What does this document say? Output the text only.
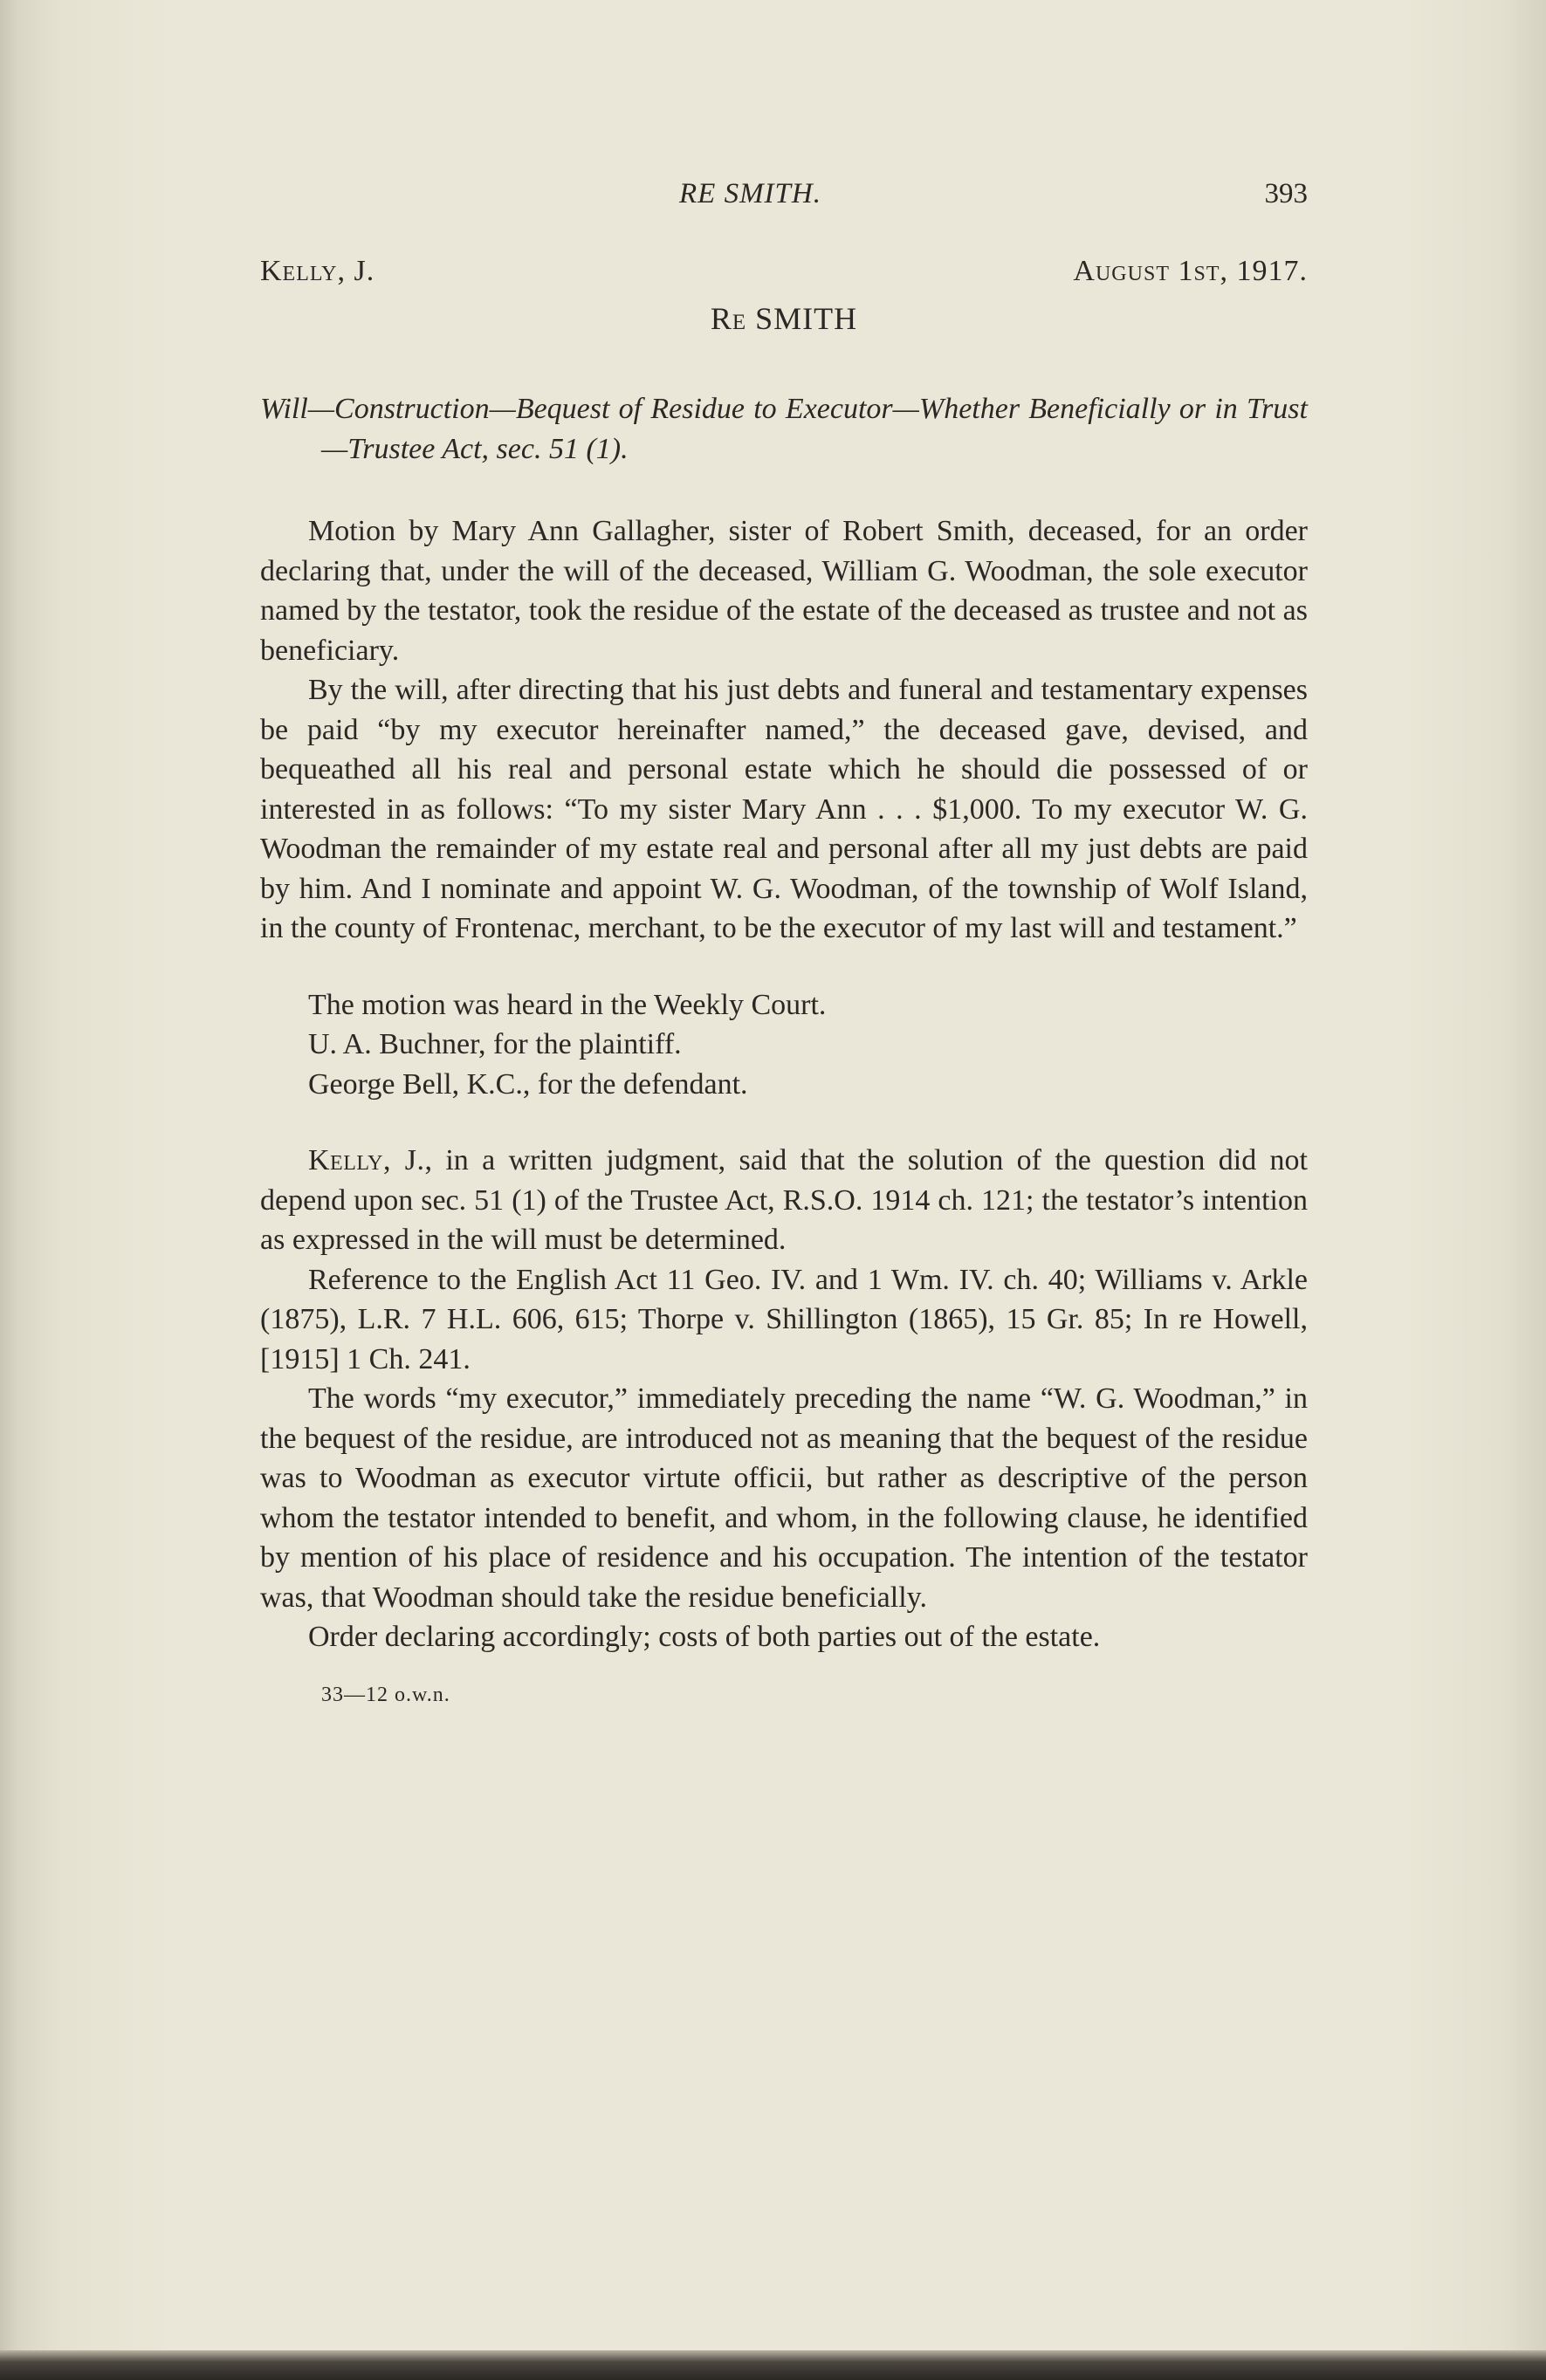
RE SMITH.	393
Kelly, J.	August 1st, 1917.
Re SMITH
Will—Construction—Bequest of Residue to Executor—Whether Beneficially or in Trust—Trustee Act, sec. 51 (1).

Motion by Mary Ann Gallagher, sister of Robert Smith, deceased, for an order declaring that, under the will of the deceased, William G. Woodman, the sole executor named by the testator, took the residue of the estate of the deceased as trustee and not as beneficiary.

By the will, after directing that his just debts and funeral and testamentary expenses be paid “by my executor hereinafter named,” the deceased gave, devised, and bequeathed all his real and personal estate which he should die possessed of or interested in as follows: “To my sister Mary Ann . . . $1,000. To my executor W. G. Woodman the remainder of my estate real and personal after all my just debts are paid by him. And I nominate and appoint W. G. Woodman, of the township of Wolf Island, in the county of Frontenac, merchant, to be the executor of my last will and testament.”

The motion was heard in the Weekly Court.

U. A. Buchner, for the plaintiff.

George Bell, K.C., for the defendant.

Kelly, J., in a written judgment, said that the solution of the question did not depend upon sec. 51 (1) of the Trustee Act, R.S.O. 1914 ch. 121; the testator’s intention as expressed in the will must be determined.

Reference to the English Act 11 Geo. IV. and 1 Wm. IV. ch. 40; Williams v. Arkle (1875), L.R. 7 H.L. 606, 615; Thorpe v. Shillington (1865), 15 Gr. 85; In re Howell, [1915] 1 Ch. 241.

The words “my executor,” immediately preceding the name “W. G. Woodman,” in the bequest of the residue, are introduced not as meaning that the bequest of the residue was to Woodman as executor virtute officii, but rather as descriptive of the person whom the testator intended to benefit, and whom, in the following clause, he identified by mention of his place of residence and his occupation. The intention of the testator was, that Woodman should take the residue beneficially.

Order declaring accordingly; costs of both parties out of the estate.

33—12 o.w.n.
